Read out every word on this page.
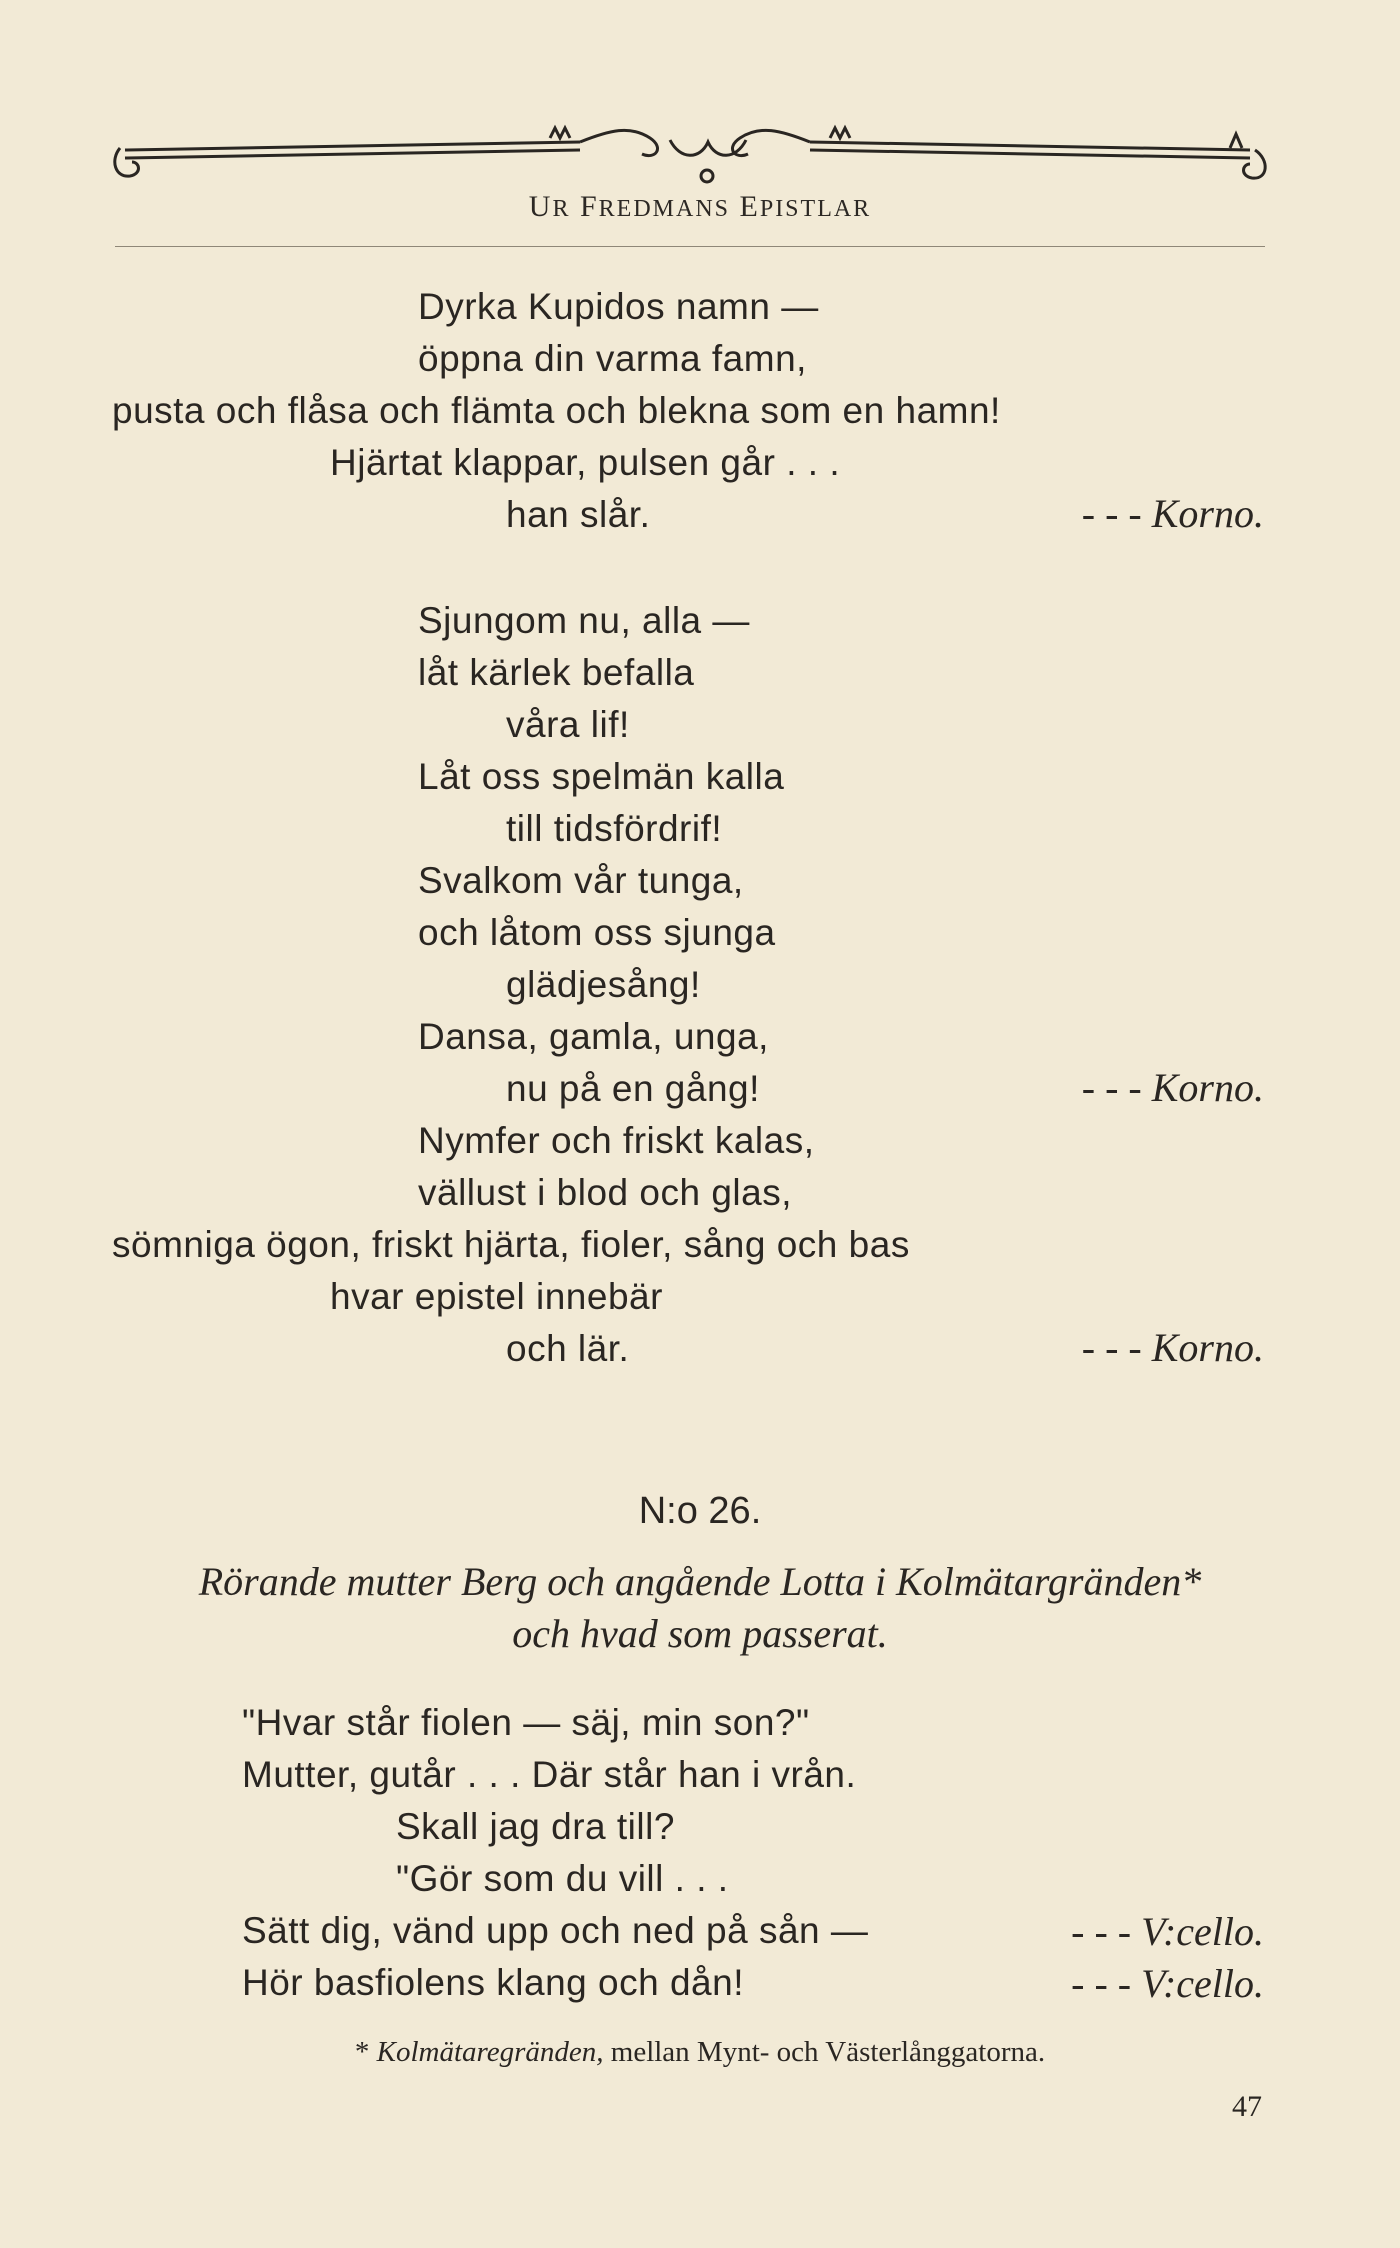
UR FREDMANS EPISTLAR
Dyrka Kupidos namn —
öppna din varma famn,
pusta och flåsa och flämta och blekna som en hamn!
Hjärtat klappar, pulsen går . . .
han slår.	- - - Korno.
Sjungom nu, alla —
låt kärlek befalla
våra lif!
Låt oss spelmän kalla
till tidsfördrif!
Svalkom vår tunga,
och låtom oss sjunga
glädjesång!
Dansa, gamla, unga,
nu på en gång!	- - - Korno.
Nymfer och friskt kalas,
vällust i blod och glas,
sömniga ögon, friskt hjärta, fioler, sång och bas
hvar epistel innebär
och lär.	- - - Korno.
N:o 26.
Rörande mutter Berg och angående Lotta i Kolmätargränden*
och hvad som passerat.
"Hvar står fiolen — säj, min son?"
Mutter, gutår . . . Där står han i vrån.
Skall jag dra till?
"Gör som du vill . . .
Sätt dig, vänd upp och ned på sån —	- - - V:cello.
Hör basfiolens klang och dån!	- - - V:cello.
* Kolmätaregränden, mellan Mynt- och Västerlånggatorna.
47
